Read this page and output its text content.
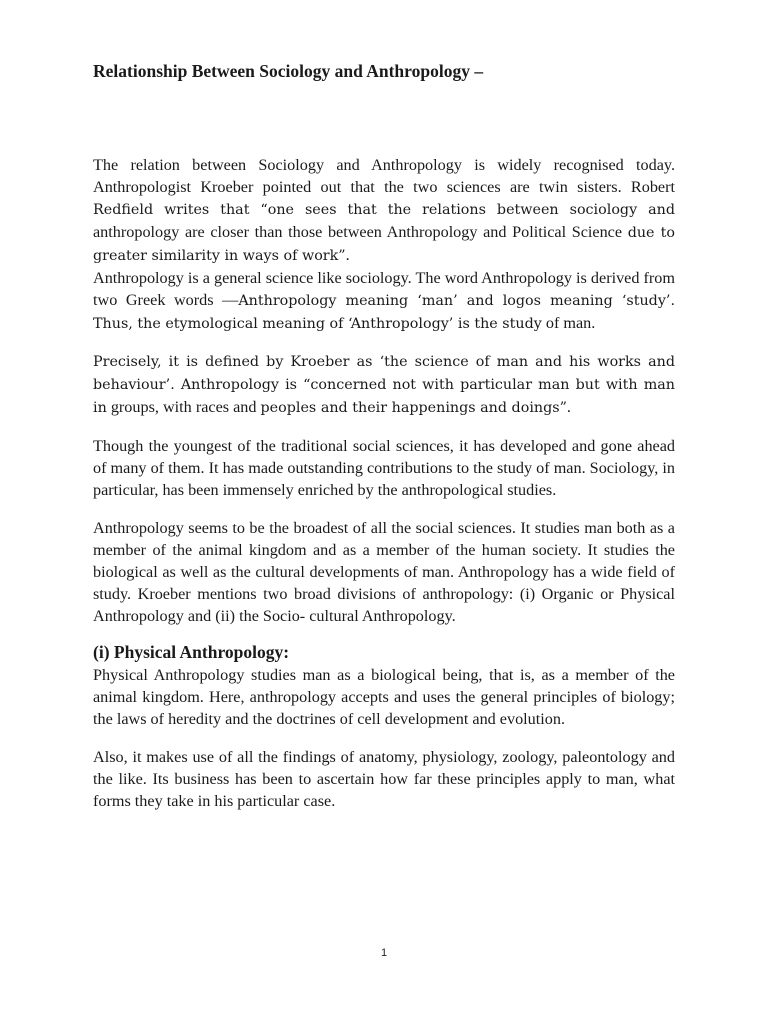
Relationship Between Sociology and Anthropology –

The relation between Sociology and Anthropology is widely recognised today. Anthropologist Kroeber pointed out that the two sciences are twin sisters. Robert Redfield writes that “one sees that the relations between sociology and anthropology are closer than those between Anthropology and Political Science due to greater similarity in ways of work”.

Anthropology is a general science like sociology. The word Anthropology is derived from two Greek words —Anthropology meaning ‘man’ and logos meaning ‘study’. Thus, the etymological meaning of ‘Anthropology’ is the study of man.

Precisely, it is defined by Kroeber as ‘the science of man and his works and behaviour’. Anthropology is “concerned not with particular man but with man in groups, with races and peoples and their happenings and doings”.

Though the youngest of the traditional social sciences, it has developed and gone ahead of many of them. It has made outstanding contributions to the study of man. Sociology, in particular, has been immensely enriched by the anthropological studies.

Anthropology seems to be the broadest of all the social sciences. It studies man both as a member of the animal kingdom and as a member of the human society. It studies the biological as well as the cultural developments of man. Anthropology has a wide field of study. Kroeber mentions two broad divisions of anthropology: (i) Organic or Physical Anthropology and (ii) the Socio- cultural Anthropology.

(i) Physical Anthropology:

Physical Anthropology studies man as a biological being, that is, as a member of the animal kingdom. Here, anthropology accepts and uses the general principles of biology; the laws of heredity and the doctrines of cell development and evolution.

Also, it makes use of all the findings of anatomy, physiology, zoology, paleontology and the like. Its business has been to ascertain how far these principles apply to man, what forms they take in his particular case.

1
